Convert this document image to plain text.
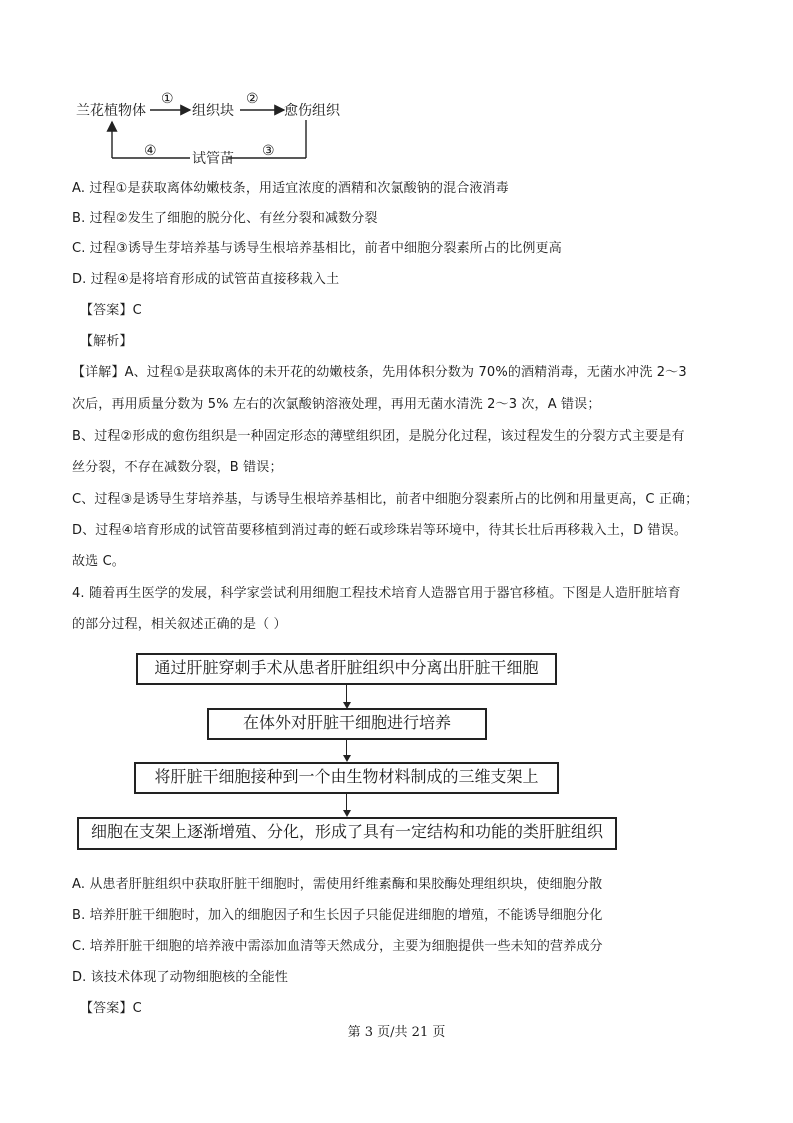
兰花植物体
①
组织块
②
愈伤组织
③
试管苗
④
A. 过程①是获取离体幼嫩枝条，用适宜浓度的酒精和次氯酸钠的混合液消毒
B. 过程②发生了细胞的脱分化、有丝分裂和减数分裂
C. 过程③诱导生芽培养基与诱导生根培养基相比，前者中细胞分裂素所占的比例更高
D. 过程④是将培育形成的试管苗直接移栽入土
【答案】C
【解析】
【详解】A、过程①是获取离体的未开花的幼嫩枝条，先用体积分数为 70%的酒精消毒，无菌水冲洗 2～3
次后，再用质量分数为 5% 左右的次氯酸钠溶液处理，再用无菌水清洗 2～3 次，A 错误；
B、过程②形成的愈伤组织是一种固定形态的薄壁组织团，是脱分化过程，该过程发生的分裂方式主要是有
丝分裂，不存在减数分裂，B 错误；
C、过程③是诱导生芽培养基，与诱导生根培养基相比，前者中细胞分裂素所占的比例和用量更高，C 正确；
D、过程④培育形成的试管苗要移植到消过毒的蛭石或珍珠岩等环境中，待其长壮后再移栽入土，D 错误。
故选 C。
4. 随着再生医学的发展，科学家尝试利用细胞工程技术培育人造器官用于器官移植。下图是人造肝脏培育
的部分过程，相关叙述正确的是（ ）
通过肝脏穿刺手术从患者肝脏组织中分离出肝脏干细胞
在体外对肝脏干细胞进行培养
将肝脏干细胞接种到一个由生物材料制成的三维支架上
细胞在支架上逐渐增殖、分化，形成了具有一定结构和功能的类肝脏组织
A. 从患者肝脏组织中获取肝脏干细胞时，需使用纤维素酶和果胶酶处理组织块，使细胞分散
B. 培养肝脏干细胞时，加入的细胞因子和生长因子只能促进细胞的增殖，不能诱导细胞分化
C. 培养肝脏干细胞的培养液中需添加血清等天然成分，主要为细胞提供一些未知的营养成分
D. 该技术体现了动物细胞核的全能性
【答案】C
第 3 页/共 21 页
